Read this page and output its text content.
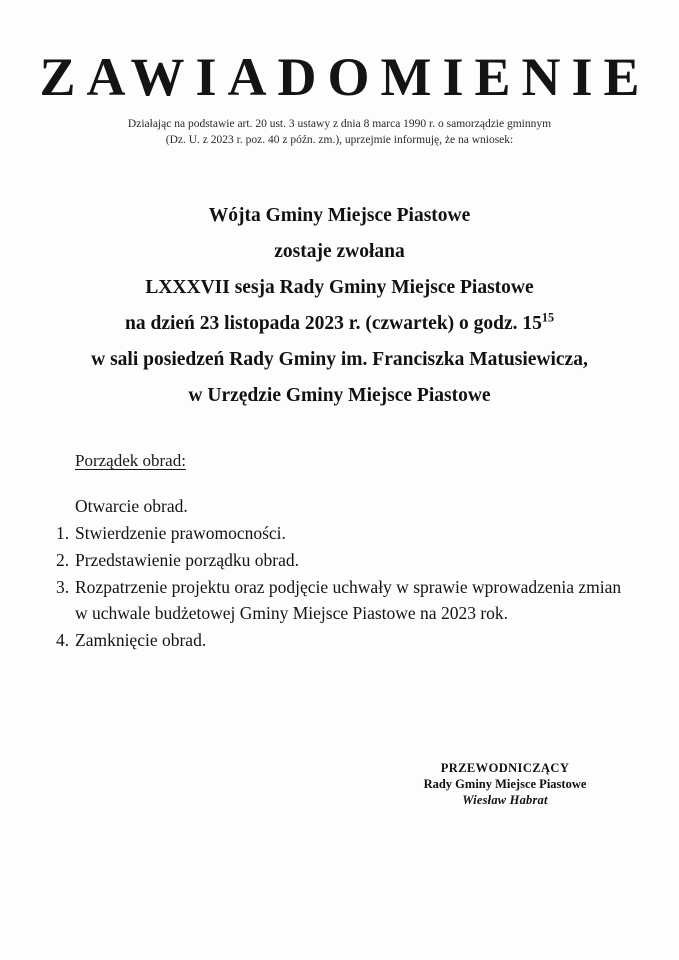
ZAWIADOMIENIE
Działając na podstawie art. 20 ust. 3 ustawy z dnia 8 marca 1990 r. o samorządzie gminnym
(Dz. U. z 2023 r. poz. 40 z późn. zm.), uprzejmie informuję, że na wniosek:
Wójta Gminy Miejsce Piastowe
zostaje zwołana
LXXXVII sesja Rady Gminy Miejsce Piastowe
na dzień 23 listopada 2023 r. (czwartek) o godz. $15^{15}$
w sali posiedzeń Rady Gminy im. Franciszka Matusiewicza,
w Urzędzie Gminy Miejsce Piastowe
Porządek obrad:
Otwarcie obrad.
1. Stwierdzenie prawomocności.
2. Przedstawienie porządku obrad.
3. Rozpatrzenie projektu oraz podjęcie uchwały w sprawie wprowadzenia zmian w uchwale budżetowej Gminy Miejsce Piastowe na 2023 rok.
4. Zamknięcie obrad.
PRZEWODNICZĄCY
Rady Gminy Miejsce Piastowe
Wiesław Habrat
